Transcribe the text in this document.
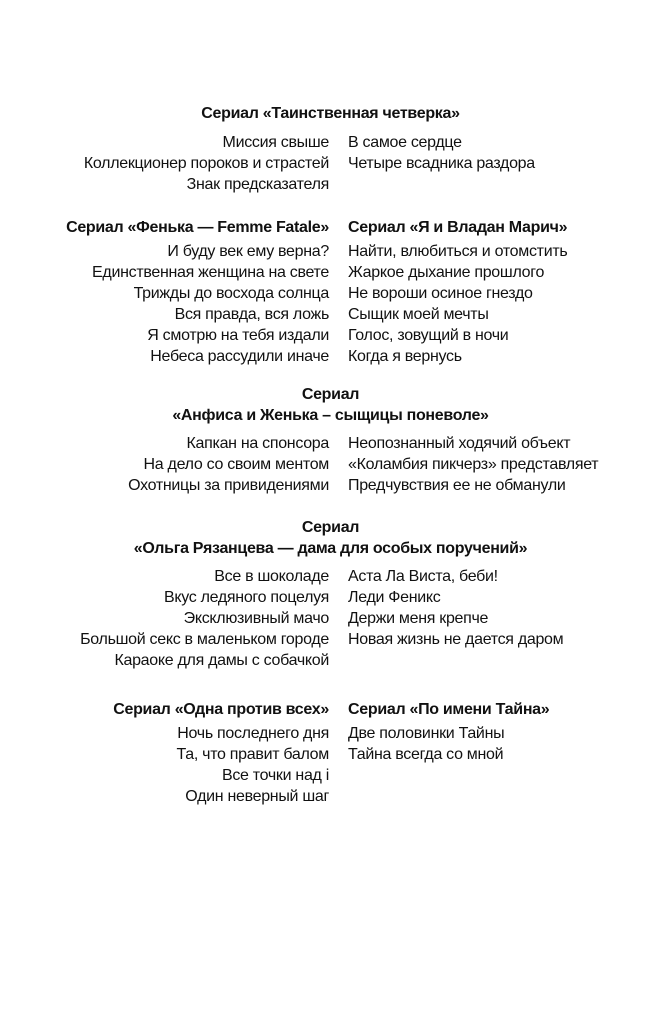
Сериал «Таинственная четверка»
Миссия свыше
Коллекционер пороков и страстей
Знак предсказателя
В самое сердце
Четыре всадника раздора
Сериал «Фенька — Femme Fatale» Сериал «Я и Владан Марич»
И буду век ему верна?
Единственная женщина на свете
Трижды до восхода солнца
Вся правда, вся ложь
Я смотрю на тебя издали
Небеса рассудили иначе
Найти, влюбиться и отомстить
Жаркое дыхание прошлого
Не вороши осиное гнездо
Сыщик моей мечты
Голос, зовущий в ночи
Когда я вернусь
Сериал
«Анфиса и Женька – сыщицы поневоле»
Капкан на спонсора
На дело со своим ментом
Охотницы за привидениями
Неопознанный ходячий объект
«Коламбия пикчерз» представляет
Предчувствия ее не обманули
Сериал
«Ольга Рязанцева — дама для особых поручений»
Все в шоколаде
Вкус ледяного поцелуя
Эксклюзивный мачо
Большой секс в маленьком городе
Караоке для дамы с собачкой
Аста Ла Виста, беби!
Леди Феникс
Держи меня крепче
Новая жизнь не дается даром
Сериал «Одна против всех» Сериал «По имени Тайна»
Ночь последнего дня
Та, что правит балом
Все точки над i
Один неверный шаг
Две половинки Тайны
Тайна всегда со мной
